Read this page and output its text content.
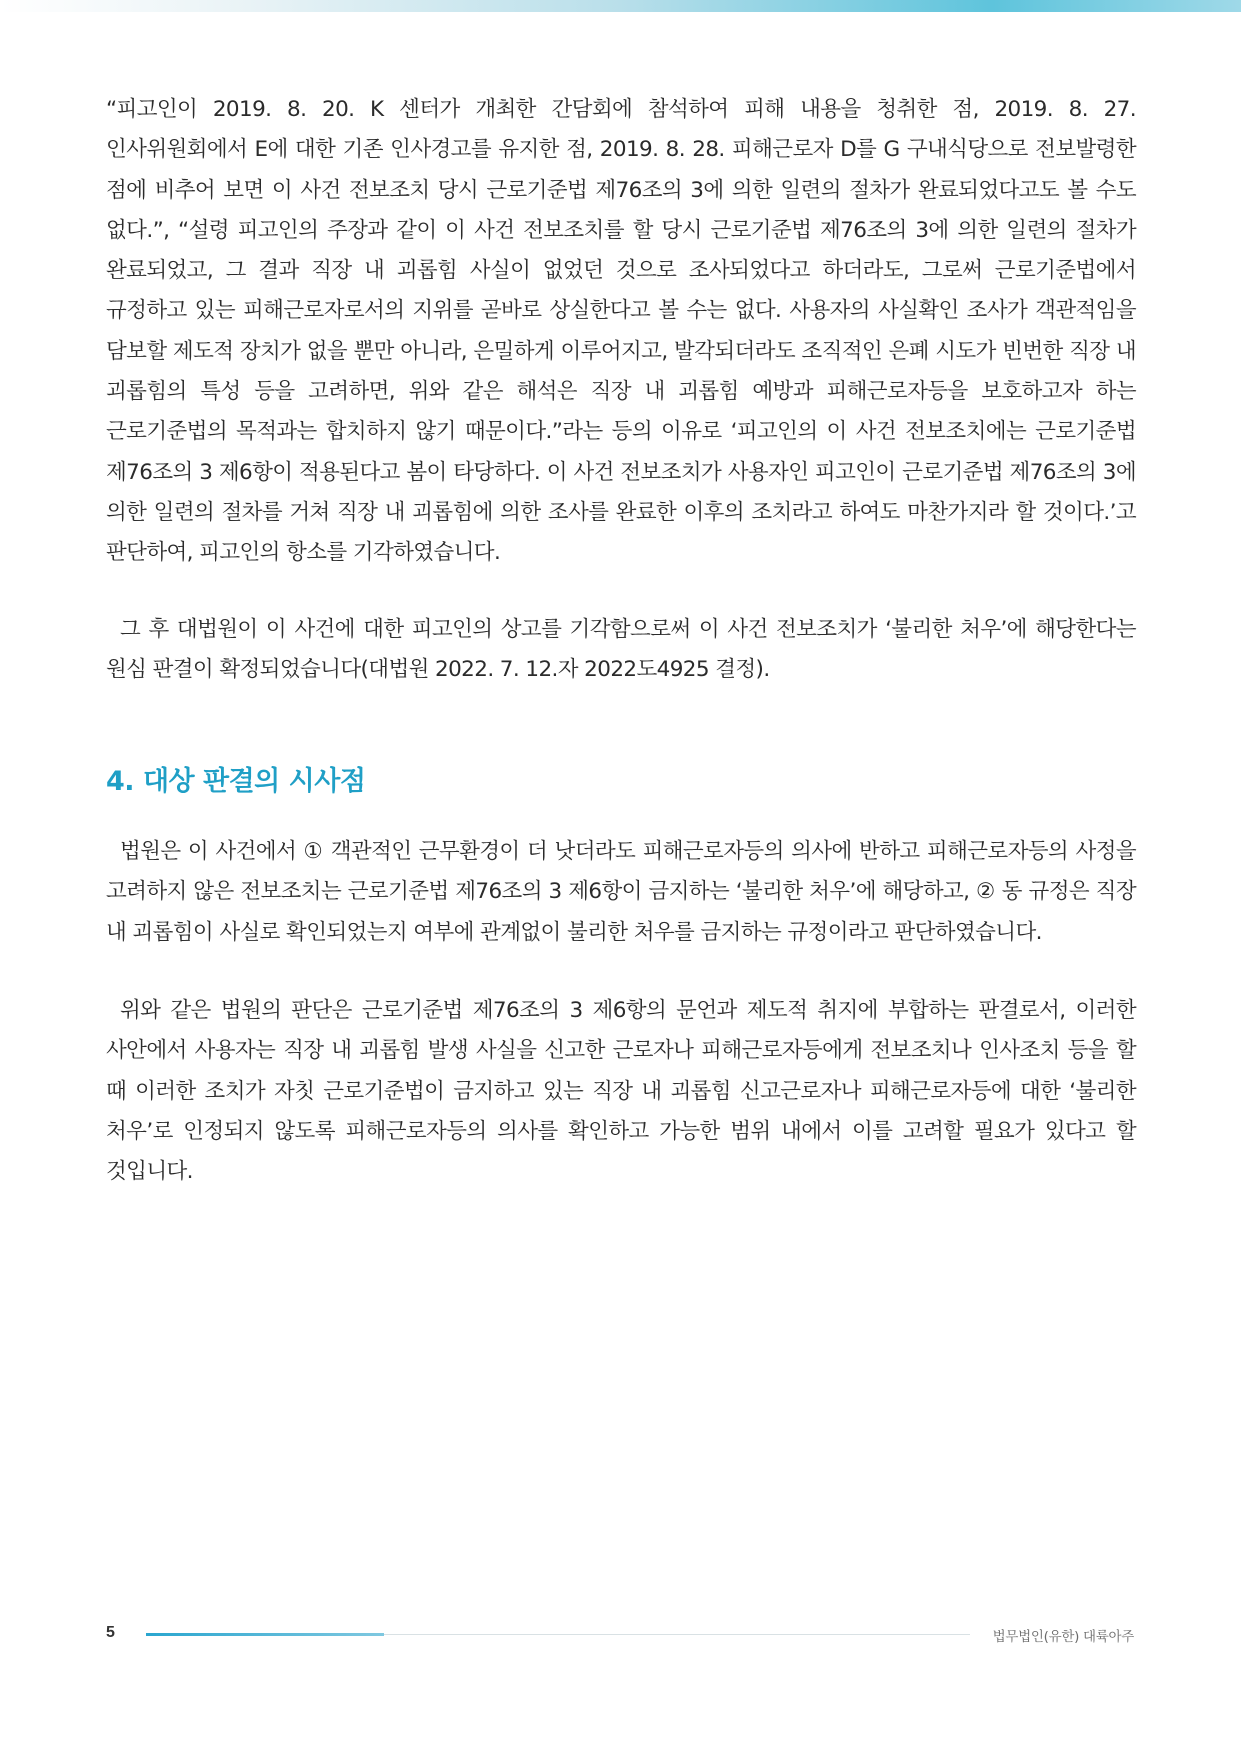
“피고인이 2019. 8. 20. K 센터가 개최한 간담회에 참석하여 피해 내용을 청취한 점, 2019. 8. 27. 인사위원회에서 E에 대한 기존 인사경고를 유지한 점, 2019. 8. 28. 피해근로자 D를 G 구내식당으로 전보발령한 점에 비추어 보면 이 사건 전보조치 당시 근로기준법 제76조의 3에 의한 일련의 절차가 완료되었다고도 볼 수도 없다.”, “설령 피고인의 주장과 같이 이 사건 전보조치를 할 당시 근로기준법 제76조의 3에 의한 일련의 절차가 완료되었고, 그 결과 직장 내 괴롭힘 사실이 없었던 것으로 조사되었다고 하더라도, 그로써 근로기준법에서 규정하고 있는 피해근로자로서의 지위를 곧바로 상실한다고 볼 수는 없다. 사용자의 사실확인 조사가 객관적임을 담보할 제도적 장치가 없을 뿐만 아니라, 은밀하게 이루어지고, 발각되더라도 조직적인 은폐 시도가 빈번한 직장 내 괴롭힘의 특성 등을 고려하면, 위와 같은 해석은 직장 내 괴롭힘 예방과 피해근로자등을 보호하고자 하는 근로기준법의 목적과는 합치하지 않기 때문이다.”라는 등의 이유로 ‘피고인의 이 사건 전보조치에는 근로기준법 제76조의 3 제6항이 적용된다고 봄이 타당하다. 이 사건 전보조치가 사용자인 피고인이 근로기준법 제76조의 3에 의한 일련의 절차를 거쳐 직장 내 괴롭힘에 의한 조사를 완료한 이후의 조치라고 하여도 마찬가지라 할 것이다.’고 판단하여, 피고인의 항소를 기각하였습니다.

그 후 대법원이 이 사건에 대한 피고인의 상고를 기각함으로써 이 사건 전보조치가 ‘불리한 처우’에 해당한다는 원심 판결이 확정되었습니다(대법원 2022. 7. 12.자 2022도4925 결정).

4. 대상 판결의 시사점

법원은 이 사건에서 ① 객관적인 근무환경이 더 낫더라도 피해근로자등의 의사에 반하고 피해근로자등의 사정을 고려하지 않은 전보조치는 근로기준법 제76조의 3 제6항이 금지하는 ‘불리한 처우’에 해당하고, ② 동 규정은 직장 내 괴롭힘이 사실로 확인되었는지 여부에 관계없이 불리한 처우를 금지하는 규정이라고 판단하였습니다.

위와 같은 법원의 판단은 근로기준법 제76조의 3 제6항의 문언과 제도적 취지에 부합하는 판결로서, 이러한 사안에서 사용자는 직장 내 괴롭힘 발생 사실을 신고한 근로자나 피해근로자등에게 전보조치나 인사조치 등을 할 때 이러한 조치가 자칫 근로기준법이 금지하고 있는 직장 내 괴롭힘 신고근로자나 피해근로자등에 대한 ‘불리한 처우’로 인정되지 않도록 피해근로자등의 의사를 확인하고 가능한 범위 내에서 이를 고려할 필요가 있다고 할 것입니다.

5	법무법인(유한) 대륙아주
